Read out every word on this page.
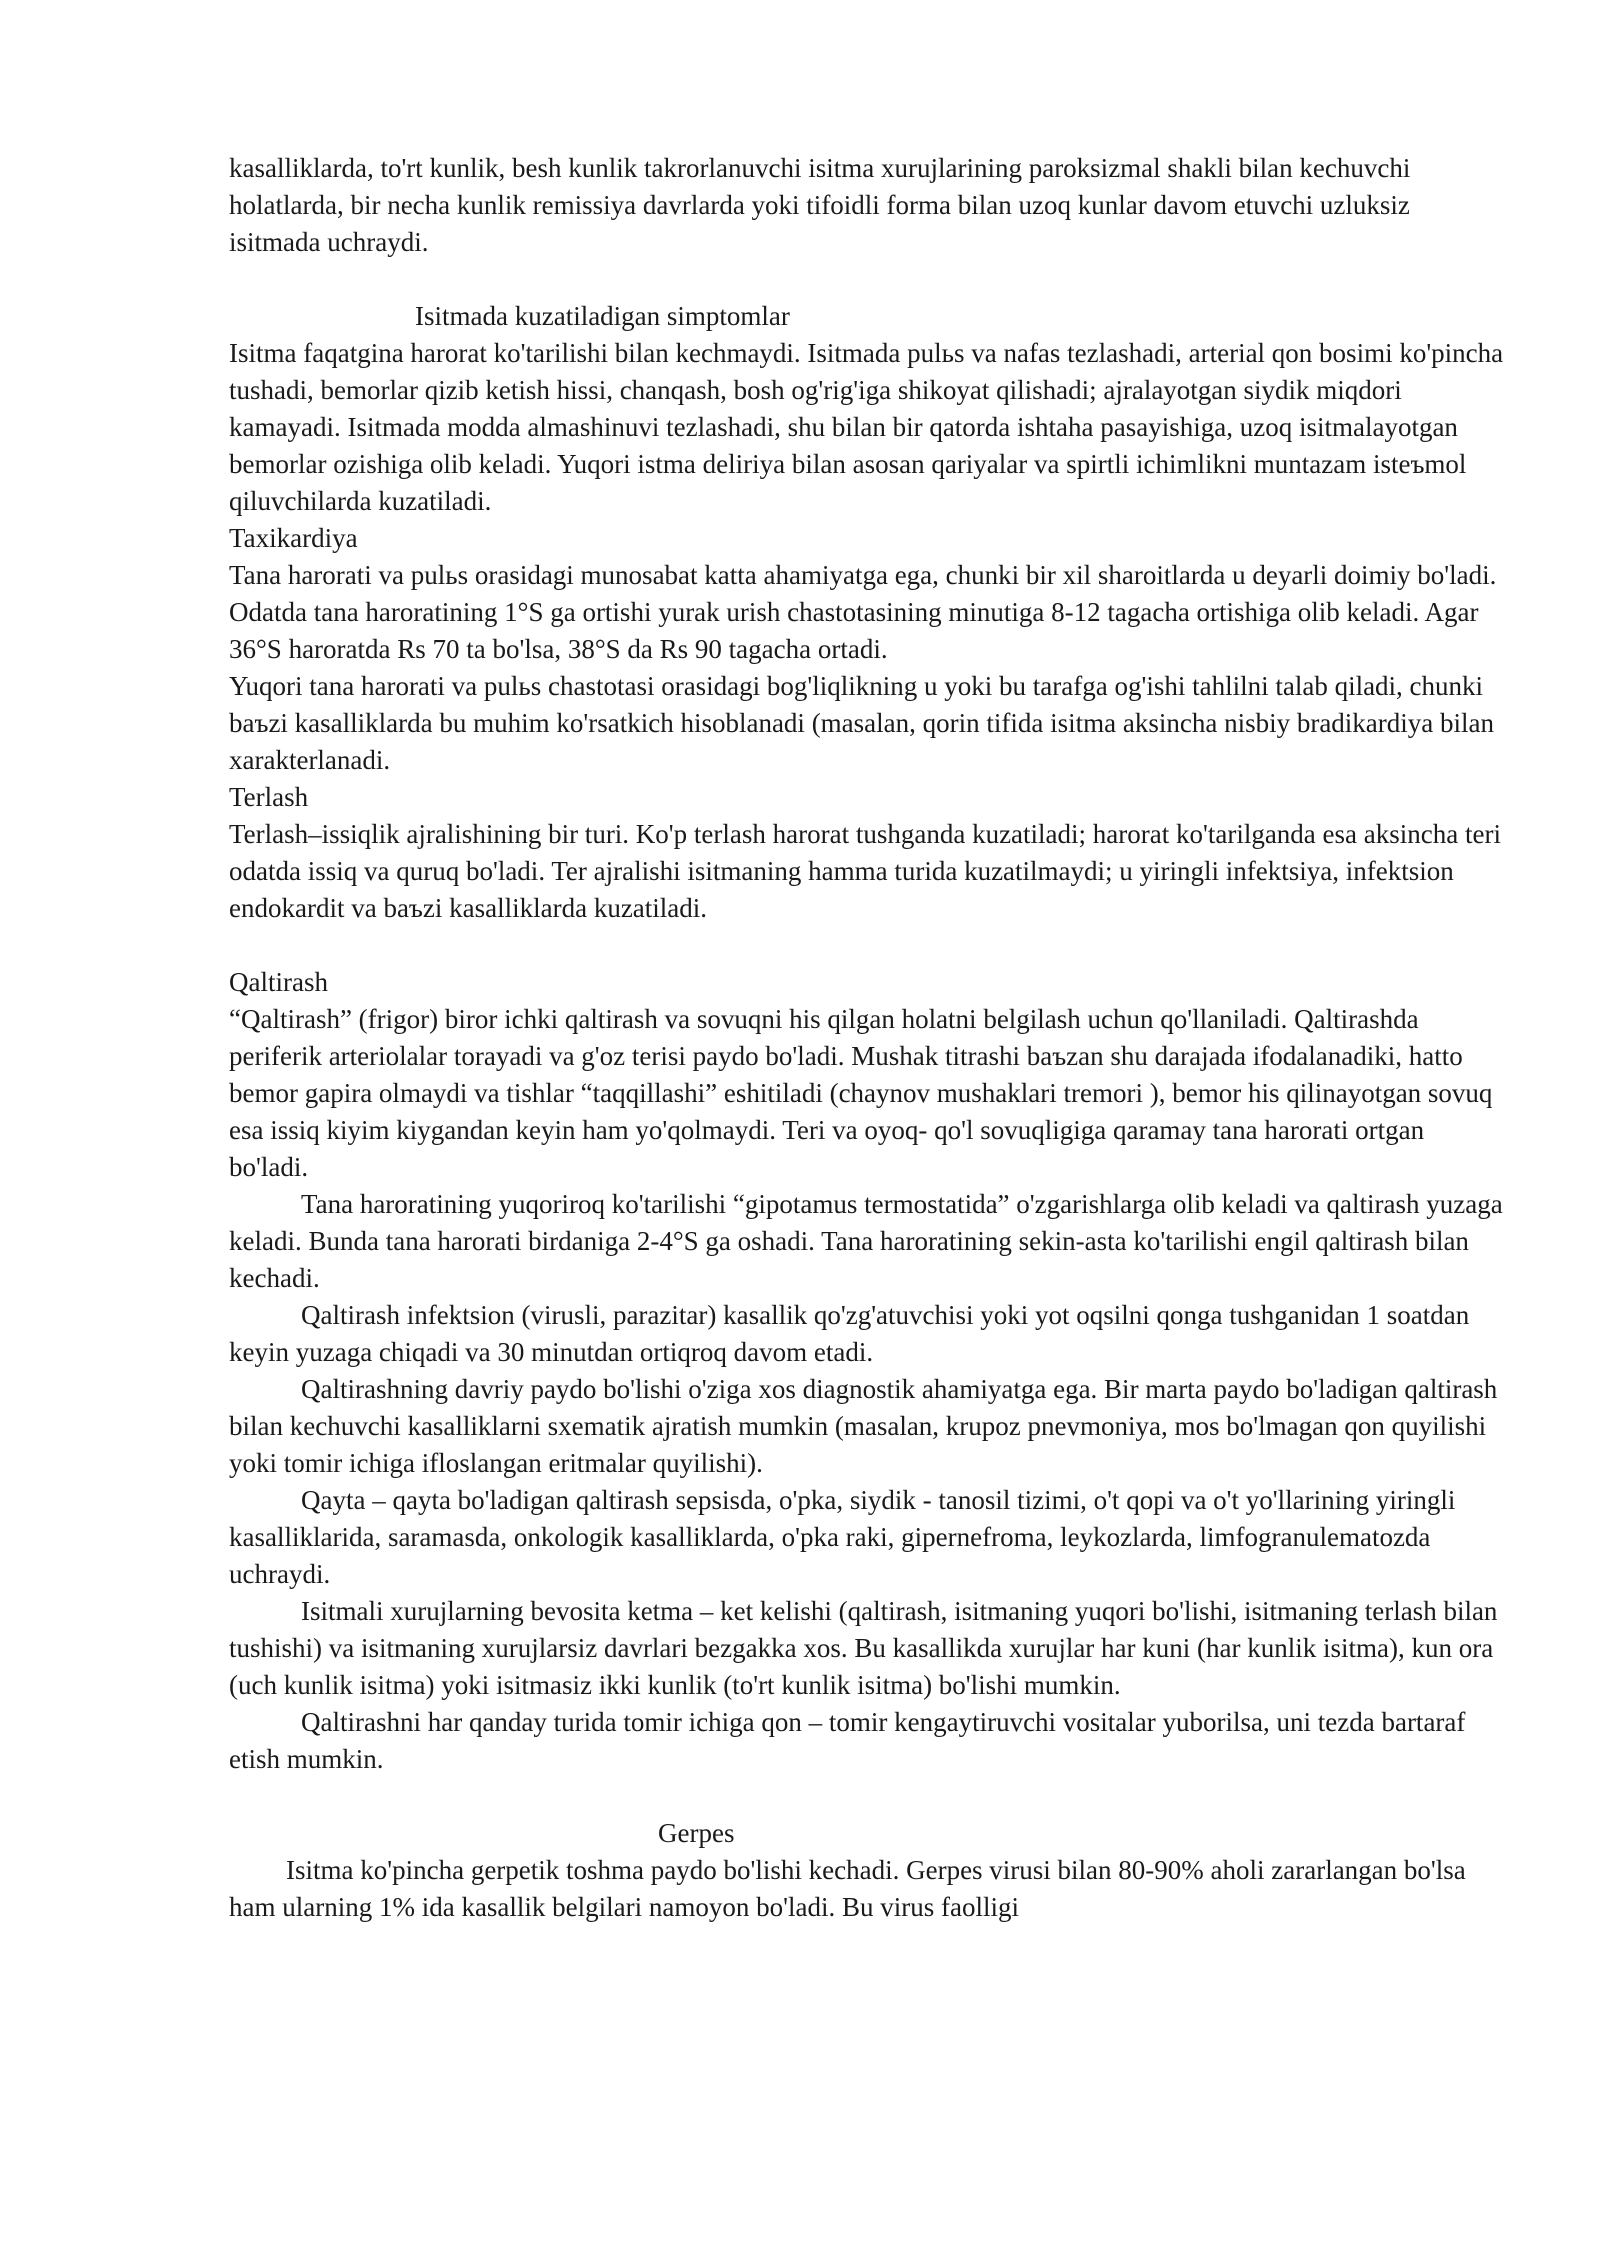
kasalliklarda, to'rt kunlik, besh kunlik takrorlanuvchi isitma xurujlarining paroksizmal shakli bilan kechuvchi holatlarda, bir necha kunlik remissiya davrlarda yoki tifoidli forma bilan uzoq kunlar davom etuvchi uzluksiz isitmada uchraydi.

Isitmada kuzatiladigan simptomlar

Isitma faqatgina harorat ko'tarilishi bilan kechmaydi. Isitmada pulьs va nafas tezlashadi, arterial qon bosimi ko'pincha tushadi, bemorlar qizib ketish hissi, chanqash, bosh og'rig'iga shikoyat qilishadi; ajralayotgan siydik miqdori kamayadi. Isitmada modda almashinuvi tezlashadi, shu bilan bir qatorda ishtaha pasayishiga, uzoq isitmalayotgan bemorlar ozishiga olib keladi. Yuqori istma deliriya bilan asosan qariyalar va spirtli ichimlikni muntazam isteъmol qiluvchilarda kuzatiladi.

Taxikardiya

Tana harorati va pulьs orasidagi munosabat katta ahamiyatga ega, chunki bir xil sharoitlarda u deyarli doimiy bo'ladi. Odatda tana haroratining 1°S ga ortishi yurak urish chastotasining minutiga 8-12 tagacha ortishiga olib keladi. Agar 36°S haroratda Rs 70 ta bo'lsa, 38°S da Rs 90 tagacha ortadi.

Yuqori tana harorati va pulьs chastotasi orasidagi bog'liqlikning u yoki bu tarafga og'ishi tahlilni talab qiladi, chunki baъzi kasalliklarda bu muhim ko'rsatkich hisoblanadi (masalan, qorin tifida isitma aksincha nisbiy bradikardiya bilan xarakterlanadi.

Terlash

Terlash–issiqlik ajralishining bir turi. Ko'p terlash harorat tushganda kuzatiladi; harorat ko'tarilganda esa aksincha teri odatda issiq va quruq bo'ladi. Ter ajralishi isitmaning hamma turida kuzatilmaydi; u yiringli infektsiya, infektsion endokardit va baъzi kasalliklarda kuzatiladi.

Qaltirash

“Qaltirash” (frigor) biror ichki qaltirash va sovuqni his qilgan holatni belgilash uchun qo'llaniladi. Qaltirashda periferik arteriolalar torayadi va g'oz terisi paydo bo'ladi. Mushak titrashi baъzan shu darajada ifodalanadiki, hatto bemor gapira olmaydi va tishlar “taqqillashi” eshitiladi (chaynov mushaklari tremori ), bemor his qilinayotgan sovuq esa issiq kiyim kiygandan keyin ham yo'qolmaydi. Teri va oyoq- qo'l sovuqligiga qaramay tana harorati ortgan bo'ladi.

Tana haroratining yuqoriroq ko'tarilishi “gipotamus termostatida” o'zgarishlarga olib keladi va qaltirash yuzaga keladi. Bunda tana harorati birdaniga 2-4°S ga oshadi. Tana haroratining sekin-asta ko'tarilishi engil qaltirash bilan kechadi.

Qaltirash infektsion (virusli, parazitar) kasallik qo'zg'atuvchisi yoki yot oqsilni qonga tushganidan 1 soatdan keyin yuzaga chiqadi va 30 minutdan ortiqroq davom etadi.

Qaltirashning davriy paydo bo'lishi o'ziga xos diagnostik ahamiyatga ega. Bir marta paydo bo'ladigan qaltirash bilan kechuvchi kasalliklarni sxematik ajratish mumkin (masalan, krupoz pnevmoniya, mos bo'lmagan qon quyilishi yoki tomir ichiga ifloslangan eritmalar quyilishi).

Qayta – qayta bo'ladigan qaltirash sepsisda, o'pka, siydik - tanosil tizimi, o't qopi va o't yo'llarining yiringli kasalliklarida, saramasda, onkologik kasalliklarda, o'pka raki, gipernefroma, leykozlarda, limfogranulematozda uchraydi.

Isitmali xurujlarning bevosita ketma – ket kelishi (qaltirash, isitmaning yuqori bo'lishi, isitmaning terlash bilan tushishi) va isitmaning xurujlarsiz davrlari bezgakka xos. Bu kasallikda xurujlar har kuni (har kunlik isitma), kun ora (uch kunlik isitma) yoki isitmasiz ikki kunlik (to'rt kunlik isitma) bo'lishi mumkin.

Qaltirashni har qanday turida tomir ichiga qon – tomir kengaytiruvchi vositalar yuborilsa, uni tezda bartaraf etish mumkin.

Gerpes

Isitma ko'pincha gerpetik toshma paydo bo'lishi kechadi. Gerpes virusi bilan 80-90% aholi zararlangan bo'lsa ham ularning 1% ida kasallik belgilari namoyon bo'ladi. Bu virus faolligi
